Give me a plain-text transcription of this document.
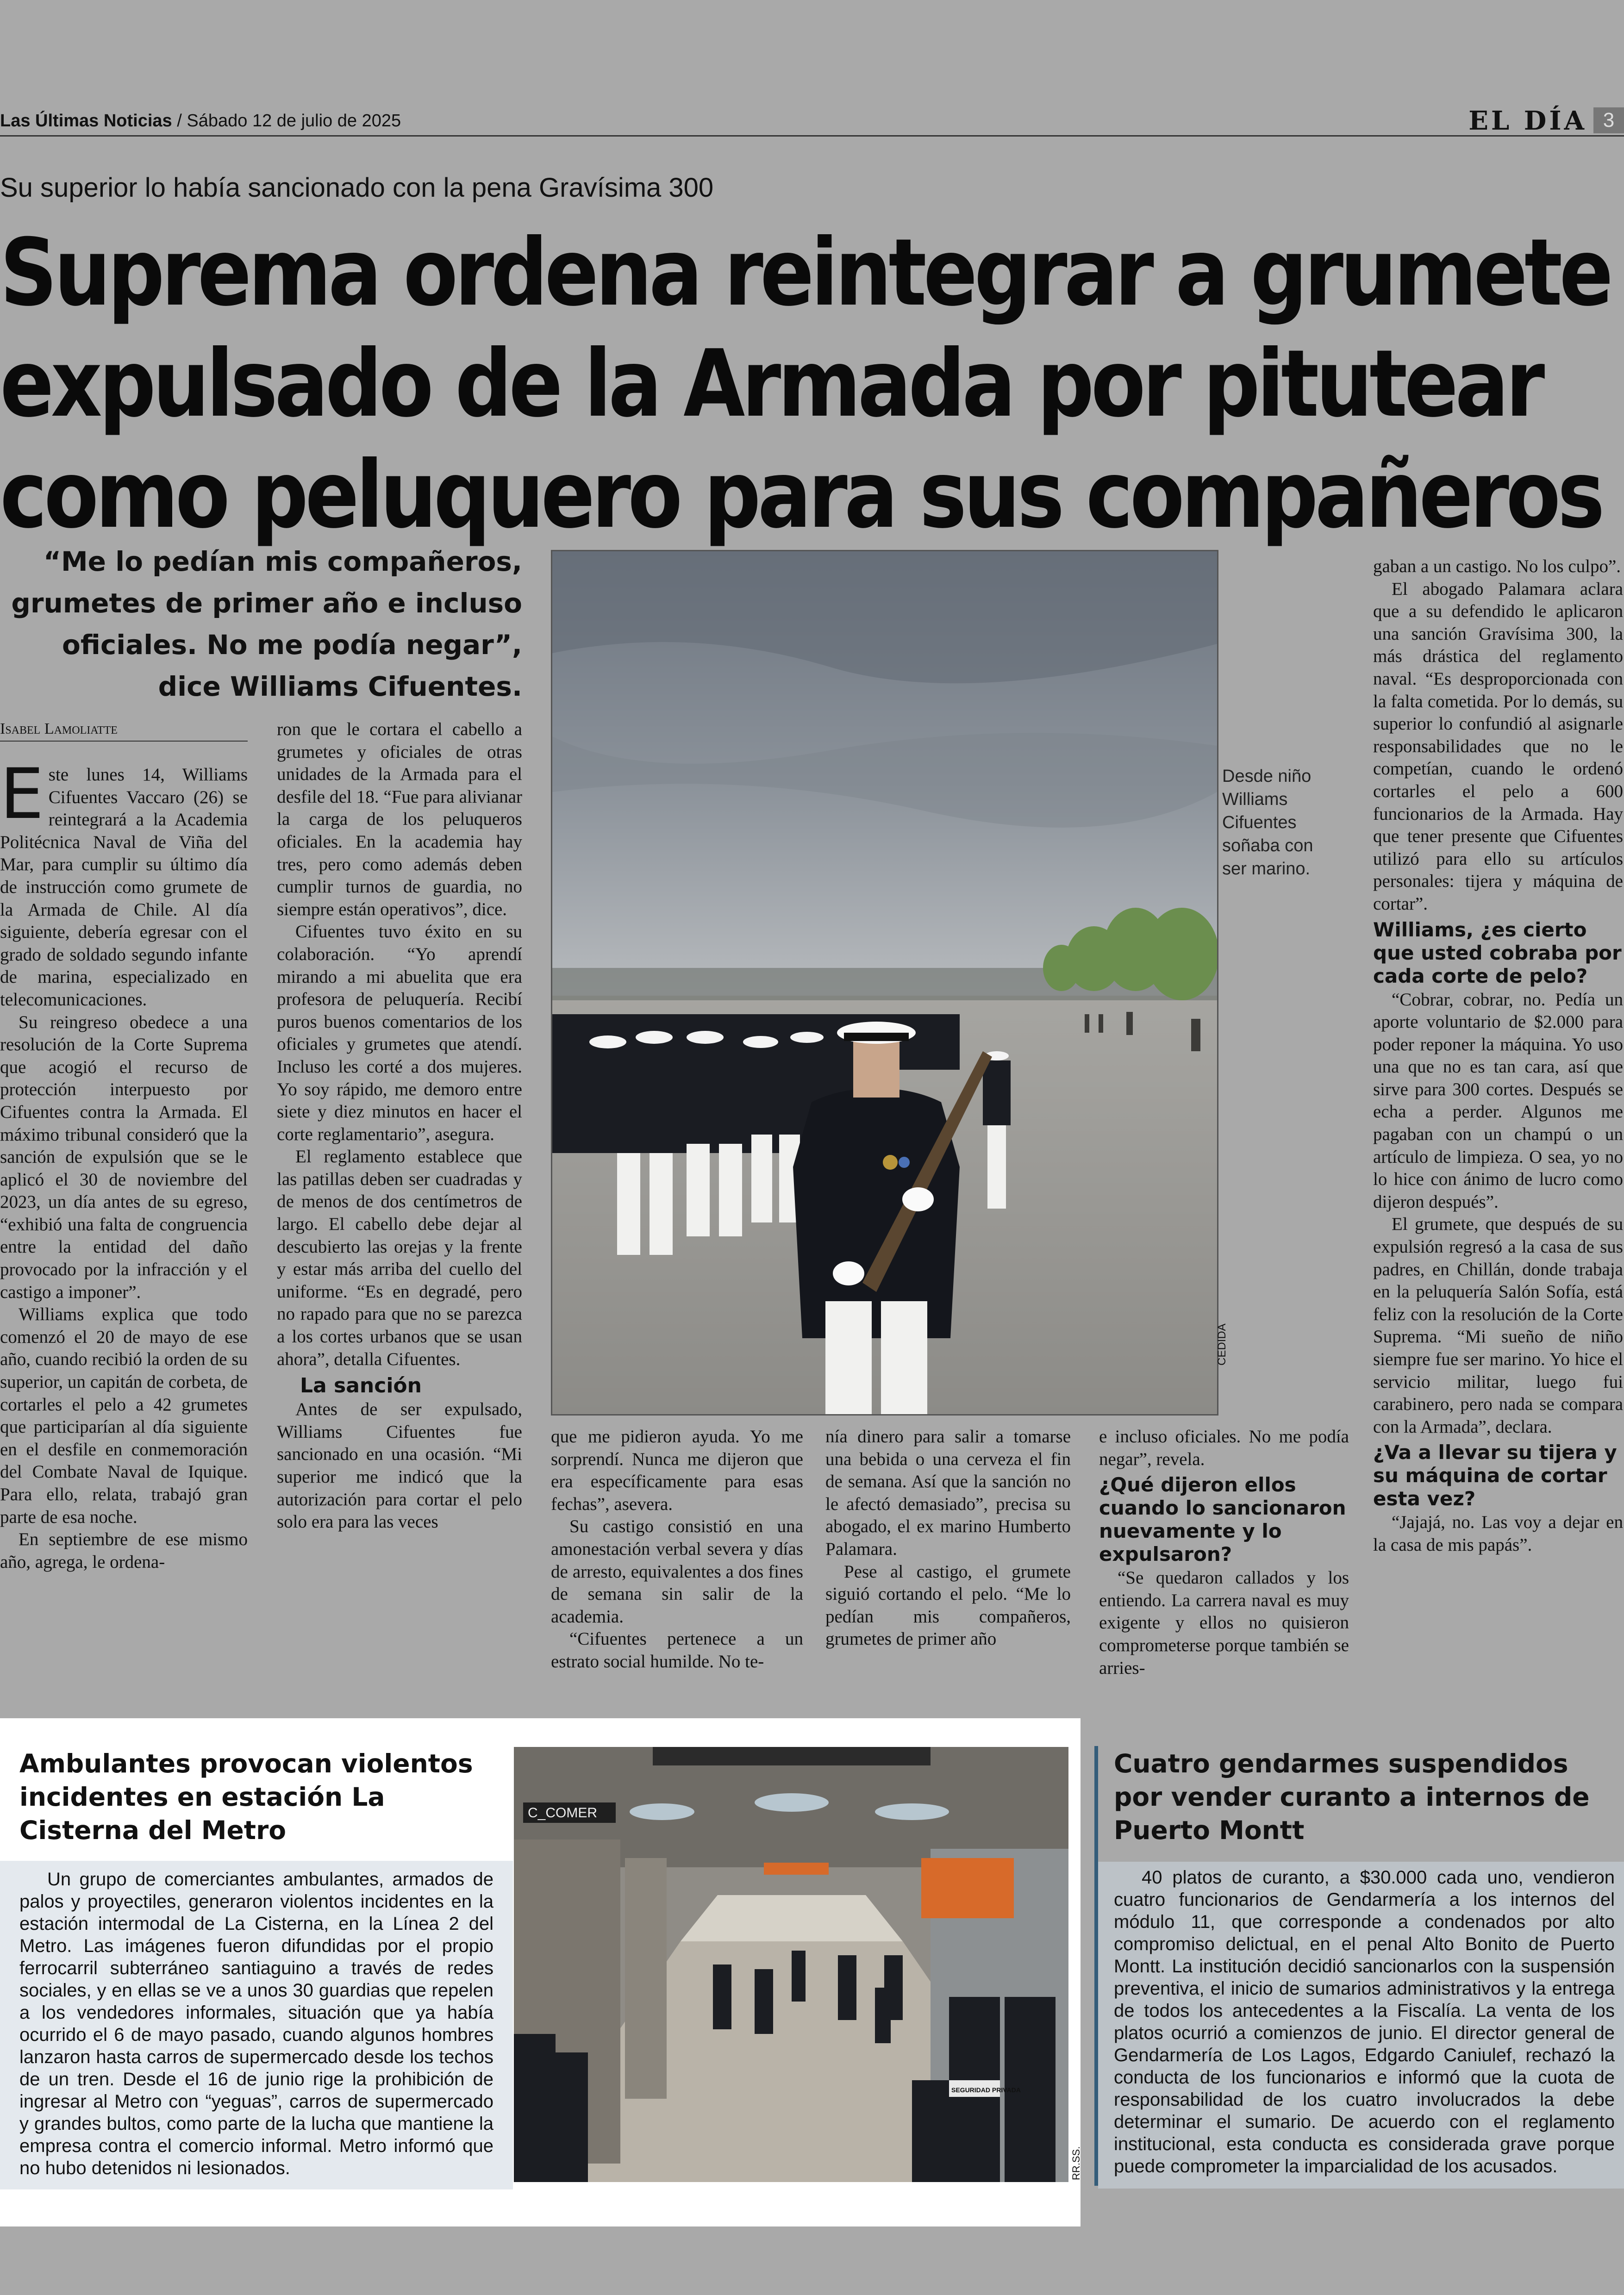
Las Últimas Noticias / Sábado 12 de julio de 2025	EL DÍA 3
Su superior lo había sancionado con la pena Gravísima 300
Suprema ordena reintegrar a grumete
expulsado de la Armada por pitutear
como peluquero para sus compañeros
“Me lo pedían mis compañeros, grumetes de primer año e incluso oficiales. No me podía negar”, dice Williams Cifuentes.
Isabel Lamoliatte

Este lunes 14, Williams Cifuentes Vaccaro (26) se reintegrará a la Academia Politécnica Naval de Viña del Mar, para cumplir su último día de instrucción como grumete de la Armada de Chile. Al día siguiente, debería egresar con el grado de soldado segundo infante de marina, especializado en telecomunicaciones.

Su reingreso obedece a una resolución de la Corte Suprema que acogió el recurso de protección interpuesto por Cifuentes contra la Armada. El máximo tribunal consideró que la sanción de expulsión que se le aplicó el 30 de noviembre del 2023, un día antes de su egreso, “exhibió una falta de congruencia entre la entidad del daño provocado por la infracción y el castigo a imponer”.

Williams explica que todo comenzó el 20 de mayo de ese año, cuando recibió la orden de su superior, un capitán de corbeta, de cortarles el pelo a 42 grumetes que participarían al día siguiente en el desfile en conmemoración del Combate Naval de Iquique. Para ello, relata, trabajó gran parte de esa noche.

En septiembre de ese mismo año, agrega, le ordena-

ron que le cortara el cabello a grumetes y oficiales de otras unidades de la Armada para el desfile del 18. “Fue para alivianar la carga de los peluqueros oficiales. En la academia hay tres, pero como además deben cumplir turnos de guardia, no siempre están operativos”, dice.

Cifuentes tuvo éxito en su colaboración. “Yo aprendí mirando a mi abuelita que era profesora de peluquería. Recibí puros buenos comentarios de los oficiales y grumetes que atendí. Incluso les corté a dos mujeres. Yo soy rápido, me demoro entre siete y diez minutos en hacer el corte reglamentario”, asegura.

El reglamento establece que las patillas deben ser cuadradas y de menos de dos centímetros de largo. El cabello debe dejar al descubierto las orejas y la frente y estar más arriba del cuello del uniforme. “Es en degradé, pero no rapado para que no se parezca a los cortes urbanos que se usan ahora”, detalla Cifuentes.

La sanción

Antes de ser expulsado, Williams Cifuentes fue sancionado en una ocasión. “Mi superior me indicó que la autorización para cortar el pelo solo era para las veces

Desde niño Williams Cifuentes soñaba con ser marino.
CEDIDA

que me pidieron ayuda. Yo me sorprendí. Nunca me dijeron que era específicamente para esas fechas”, asevera.

Su castigo consistió en una amonestación verbal severa y días de arresto, equivalentes a dos fines de semana sin salir de la academia.

“Cifuentes pertenece a un estrato social humilde. No te-

nía dinero para salir a tomarse una bebida o una cerveza el fin de semana. Así que la sanción no le afectó demasiado”, precisa su abogado, el ex marino Humberto Palamara.

Pese al castigo, el grumete siguió cortando el pelo. “Me lo pedían mis compañeros, grumetes de primer año

e incluso oficiales. No me podía negar”, revela.

¿Qué dijeron ellos cuando lo sancionaron nuevamente y lo expulsaron?

“Se quedaron callados y los entiendo. La carrera naval es muy exigente y ellos no quisieron comprometerse porque también se arries-

gaban a un castigo. No los culpo”.

El abogado Palamara aclara que a su defendido le aplicaron una sanción Gravísima 300, la más drástica del reglamento naval. “Es desproporcionada con la falta cometida. Por lo demás, su superior lo confundió al asignarle responsabilidades que no le competían, cuando le ordenó cortarles el pelo a 600 funcionarios de la Armada. Hay que tener presente que Cifuentes utilizó para ello su artículos personales: tijera y máquina de cortar”.

Williams, ¿es cierto que usted cobraba por cada corte de pelo?

“Cobrar, cobrar, no. Pedía un aporte voluntario de $2.000 para poder reponer la máquina. Yo uso una que no es tan cara, así que sirve para 300 cortes. Después se echa a perder. Algunos me pagaban con un champú o un artículo de limpieza. O sea, yo no lo hice con ánimo de lucro como dijeron después”.

El grumete, que después de su expulsión regresó a la casa de sus padres, en Chillán, donde trabaja en la peluquería Salón Sofía, está feliz con la resolución de la Corte Suprema. “Mi sueño de niño siempre fue ser marino. Yo hice el servicio militar, luego fui carabinero, pero nada se compara con la Armada”, declara.

¿Va a llevar su tijera y su máquina de cortar esta vez?

“Jajajá, no. Las voy a dejar en la casa de mis papás”.

Ambulantes provocan violentos incidentes en estación La Cisterna del Metro

Un grupo de comerciantes ambulantes, armados de palos y proyectiles, generaron violentos incidentes en la estación intermodal de La Cisterna, en la Línea 2 del Metro. Las imágenes fueron difundidas por el propio ferrocarril subterráneo santiaguino a través de redes sociales, y en ellas se ve a unos 30 guardias que repelen a los vendedores informales, situación que ya había ocurrido el 6 de mayo pasado, cuando algunos hombres lanzaron hasta carros de supermercado desde los techos de un tren. Desde el 16 de junio rige la prohibición de ingresar al Metro con “yeguas”, carros de supermercado y grandes bultos, como parte de la lucha que mantiene la empresa contra el comercio informal. Metro informó que no hubo detenidos ni lesionados.

C_COMER
SEGURIDAD PRIVADA
RR.SS.
Cuatro gendarmes suspendidos por vender curanto a internos de Puerto Montt

40 platos de curanto, a $30.000 cada uno, vendieron cuatro funcionarios de Gendarmería a los internos del módulo 11, que corresponde a condenados por alto compromiso delictual, en el penal Alto Bonito de Puerto Montt. La institución decidió sancionarlos con la suspensión preventiva, el inicio de sumarios administrativos y la entrega de todos los antecedentes a la Fiscalía. La venta de los platos ocurrió a comienzos de junio. El director general de Gendarmería de Los Lagos, Edgardo Caniulef, rechazó la conducta de los funcionarios e informó que la cuota de responsabilidad de los cuatro involucrados la debe determinar el sumario. De acuerdo con el reglamento institucional, esta conducta es considerada grave porque puede comprometer la imparcialidad de los acusados.
